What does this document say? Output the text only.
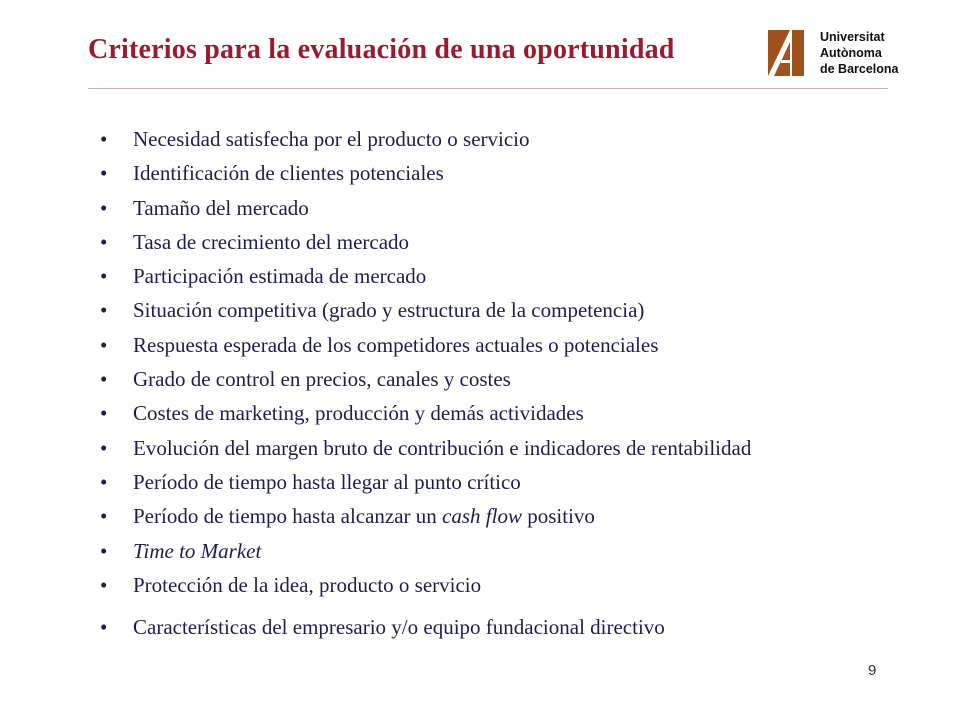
Criterios para la evaluación de una oportunidad	Universitat
Autònoma
de Barcelona
•	Necesidad satisfecha por el producto o servicio
•	Identificación de clientes potenciales
•	Tamaño del mercado
•	Tasa de crecimiento del mercado
•	Participación estimada de mercado
•	Situación competitiva (grado y estructura de la competencia)
•	Respuesta esperada de los competidores actuales o potenciales
•	Grado de control en precios, canales y costes
•	Costes de marketing, producción y demás actividades
•	Evolución del margen bruto de contribución e indicadores de rentabilidad
•	Período de tiempo hasta llegar al punto crítico
•	Período de tiempo hasta alcanzar un cash flow positivo
•	Time to Market
•	Protección de la idea, producto o servicio
•	Características del empresario y/o equipo fundacional directivo
9
